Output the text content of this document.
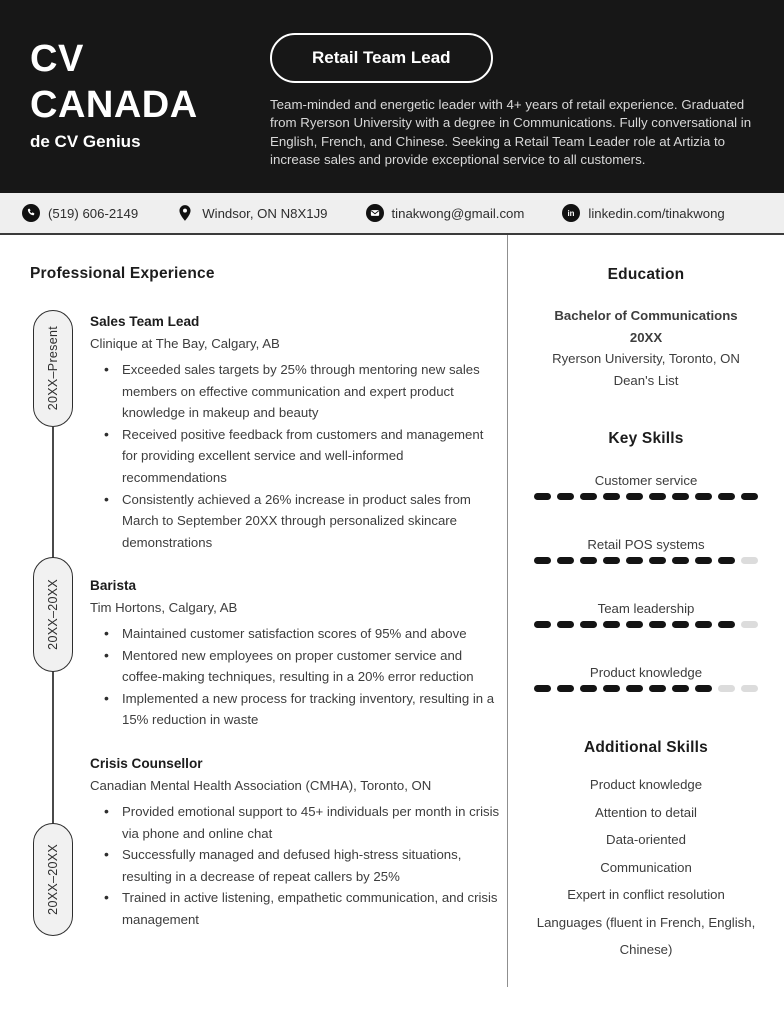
CV
CANADA
de CV Genius
Retail Team Lead

Team-minded and energetic leader with 4+ years of retail experience. Graduated from Ryerson University with a degree in Communications. Fully conversational in English, French, and Chinese. Seeking a Retail Team Leader role at Artizia to increase sales and provide exceptional service to all customers.

(519) 606-2149	Windsor, ON N8X1J9	tinakwong@gmail.com	in linkedin.com/tinakwong
Professional Experience
20XX–Present
20XX–20XX
20XX–20XX
Sales Team Lead
Clinique at The Bay, Calgary, AB
• Exceeded sales targets by 25% through mentoring new sales members on effective communication and expert product knowledge in makeup and beauty
• Received positive feedback from customers and management for providing excellent service and well-informed recommendations
• Consistently achieved a 26% increase in product sales from March to September 20XX through personalized skincare demonstrations
Barista
Tim Hortons, Calgary, AB
• Maintained customer satisfaction scores of 95% and above
• Mentored new employees on proper customer service and coffee-making techniques, resulting in a 20% error reduction
• Implemented a new process for tracking inventory, resulting in a 15% reduction in waste
Crisis Counsellor
Canadian Mental Health Association (CMHA), Toronto, ON
• Provided emotional support to 45+ individuals per month in crisis via phone and online chat
• Successfully managed and defused high-stress situations, resulting in a decrease of repeat callers by 25%
• Trained in active listening, empathetic communication, and crisis management
Education
Bachelor of Communications
20XX
Ryerson University, Toronto, ON
Dean's List
Key Skills
Customer service
Retail POS systems
Team leadership
Product knowledge
Additional Skills
Product knowledge
Attention to detail
Data-oriented
Communication
Expert in conflict resolution
Languages (fluent in French, English, Chinese)
